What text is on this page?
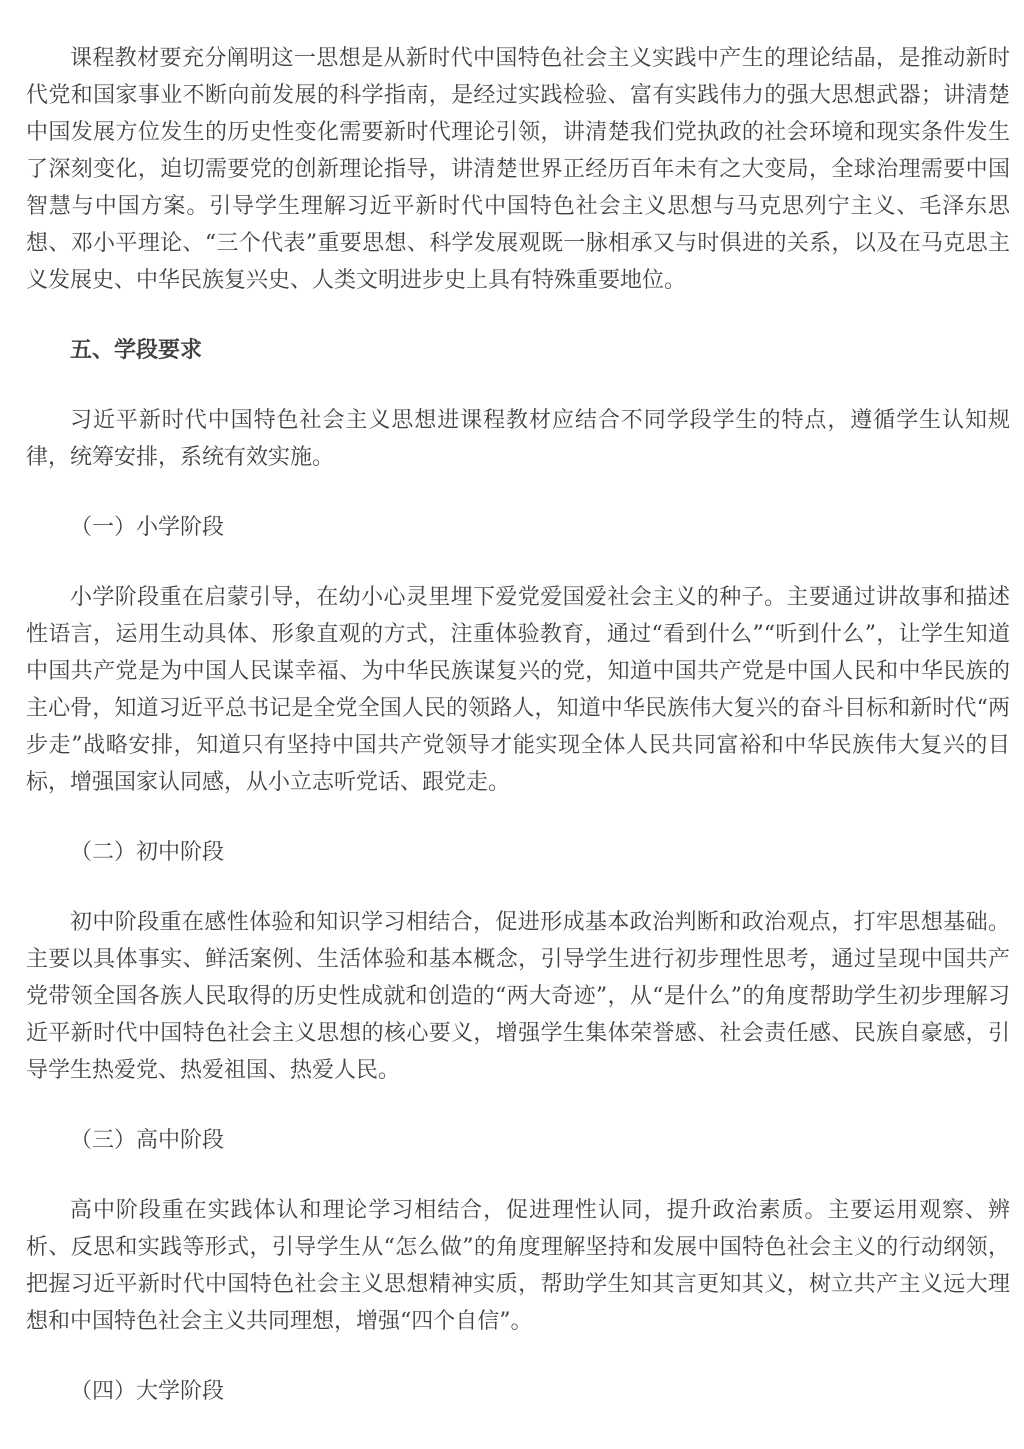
课程教材要充分阐明这一思想是从新时代中国特色社会主义实践中产生的理论结晶，是推动新时代党和国家事业不断向前发展的科学指南，是经过实践检验、富有实践伟力的强大思想武器；讲清楚中国发展方位发生的历史性变化需要新时代理论引领，讲清楚我们党执政的社会环境和现实条件发生了深刻变化，迫切需要党的创新理论指导，讲清楚世界正经历百年未有之大变局，全球治理需要中国智慧与中国方案。引导学生理解习近平新时代中国特色社会主义思想与马克思列宁主义、毛泽东思想、邓小平理论、“三个代表”重要思想、科学发展观既一脉相承又与时俱进的关系，以及在马克思主义发展史、中华民族复兴史、人类文明进步史上具有特殊重要地位。

五、学段要求

习近平新时代中国特色社会主义思想进课程教材应结合不同学段学生的特点，遵循学生认知规律，统筹安排，系统有效实施。

（一）小学阶段

小学阶段重在启蒙引导，在幼小心灵里埋下爱党爱国爱社会主义的种子。主要通过讲故事和描述性语言，运用生动具体、形象直观的方式，注重体验教育，通过“看到什么”“听到什么”，让学生知道中国共产党是为中国人民谋幸福、为中华民族谋复兴的党，知道中国共产党是中国人民和中华民族的主心骨，知道习近平总书记是全党全国人民的领路人，知道中华民族伟大复兴的奋斗目标和新时代“两步走”战略安排，知道只有坚持中国共产党领导才能实现全体人民共同富裕和中华民族伟大复兴的目标，增强国家认同感，从小立志听党话、跟党走。

（二）初中阶段

初中阶段重在感性体验和知识学习相结合，促进形成基本政治判断和政治观点，打牢思想基础。主要以具体事实、鲜活案例、生活体验和基本概念，引导学生进行初步理性思考，通过呈现中国共产党带领全国各族人民取得的历史性成就和创造的“两大奇迹”，从“是什么”的角度帮助学生初步理解习近平新时代中国特色社会主义思想的核心要义，增强学生集体荣誉感、社会责任感、民族自豪感，引导学生热爱党、热爱祖国、热爱人民。

（三）高中阶段

高中阶段重在实践体认和理论学习相结合，促进理性认同，提升政治素质。主要运用观察、辨析、反思和实践等形式，引导学生从“怎么做”的角度理解坚持和发展中国特色社会主义的行动纲领，把握习近平新时代中国特色社会主义思想精神实质，帮助学生知其言更知其义，树立共产主义远大理想和中国特色社会主义共同理想，增强“四个自信”。

（四）大学阶段
